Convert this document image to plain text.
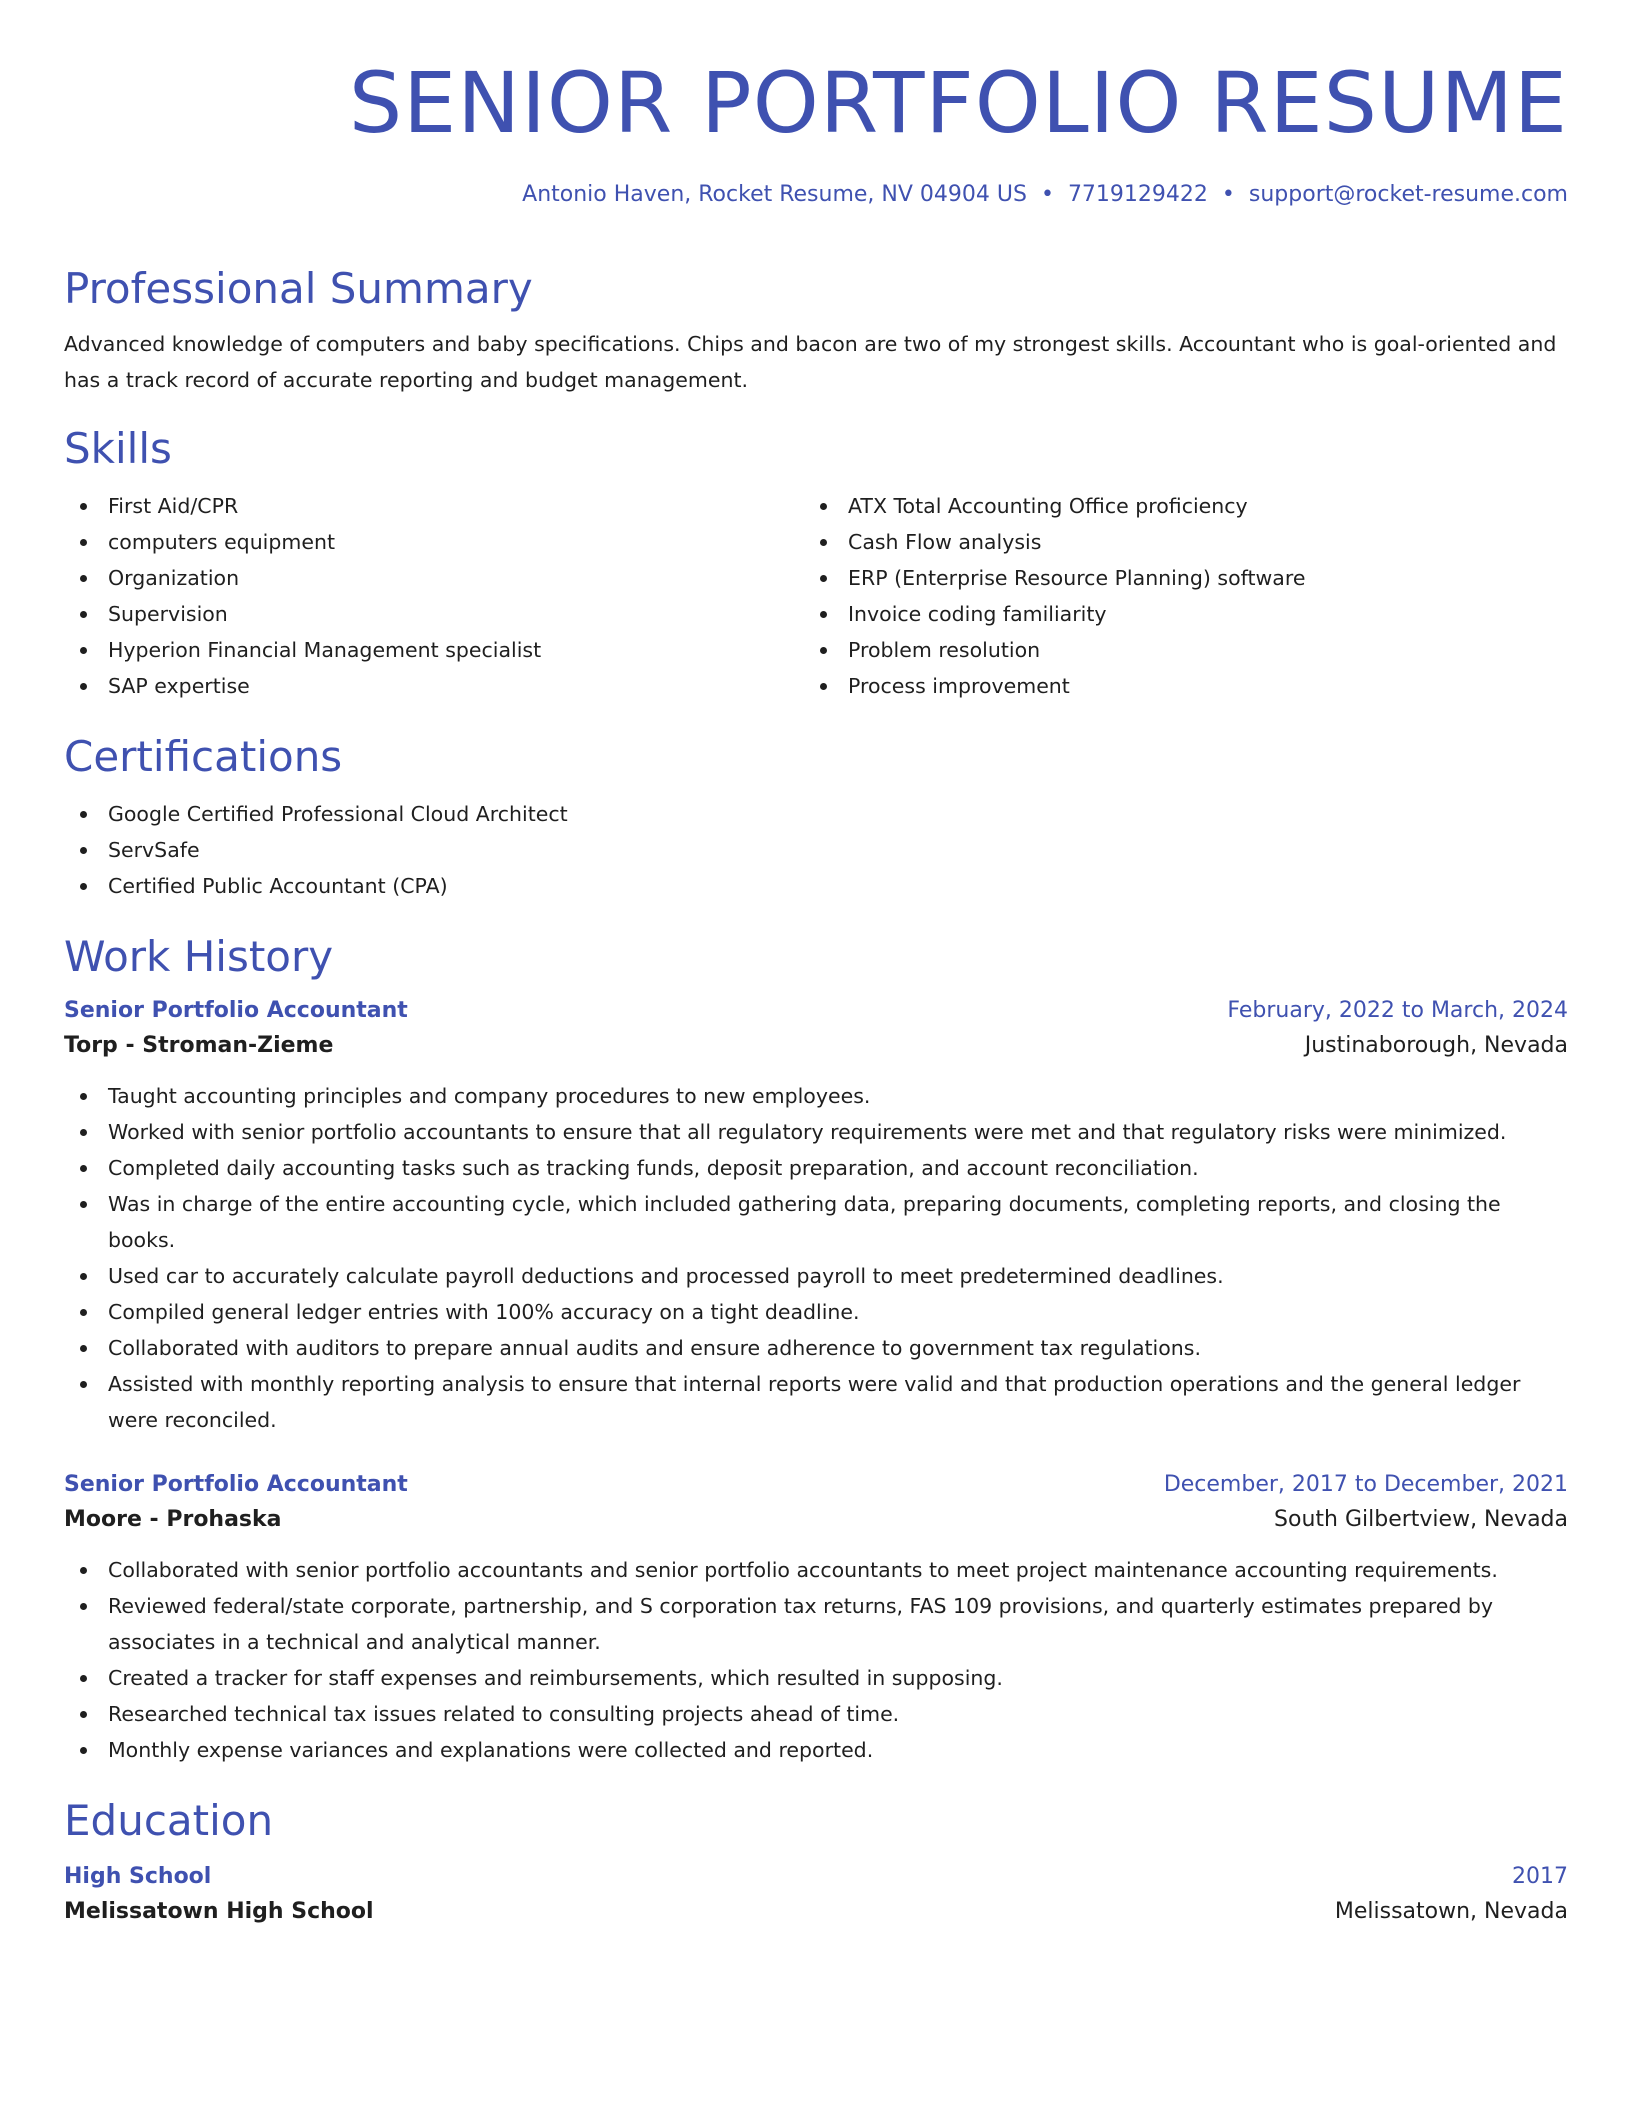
SENIOR PORTFOLIO RESUME
Antonio Haven, Rocket Resume, NV 04904 US • 7719129422 • support@rocket-resume.com
Professional Summary

Advanced knowledge of computers and baby specifications. Chips and bacon are two of my strongest skills. Accountant who is goal-oriented and has a track record of accurate reporting and budget management.

Skills
First Aid/CPR
computers equipment
Organization
Supervision
Hyperion Financial Management specialist
SAP expertise
ATX Total Accounting Office proficiency
Cash Flow analysis
ERP (Enterprise Resource Planning) software
Invoice coding familiarity
Problem resolution
Process improvement
Certifications
Google Certified Professional Cloud Architect
ServSafe
Certified Public Accountant (CPA)
Work History
Senior Portfolio Accountant	February, 2022 to March, 2024
Torp - Stroman-Zieme	Justinaborough, Nevada
Taught accounting principles and company procedures to new employees.
Worked with senior portfolio accountants to ensure that all regulatory requirements were met and that regulatory risks were minimized.
Completed daily accounting tasks such as tracking funds, deposit preparation, and account reconciliation.
Was in charge of the entire accounting cycle, which included gathering data, preparing documents, completing reports, and closing the books.
Used car to accurately calculate payroll deductions and processed payroll to meet predetermined deadlines.
Compiled general ledger entries with 100% accuracy on a tight deadline.
Collaborated with auditors to prepare annual audits and ensure adherence to government tax regulations.
Assisted with monthly reporting analysis to ensure that internal reports were valid and that production operations and the general ledger were reconciled.
Senior Portfolio Accountant	December, 2017 to December, 2021
Moore - Prohaska	South Gilbertview, Nevada
Collaborated with senior portfolio accountants and senior portfolio accountants to meet project maintenance accounting requirements.
Reviewed federal/state corporate, partnership, and S corporation tax returns, FAS 109 provisions, and quarterly estimates prepared by associates in a technical and analytical manner.
Created a tracker for staff expenses and reimbursements, which resulted in supposing.
Researched technical tax issues related to consulting projects ahead of time.
Monthly expense variances and explanations were collected and reported.
Education
High School	2017
Melissatown High School	Melissatown, Nevada
